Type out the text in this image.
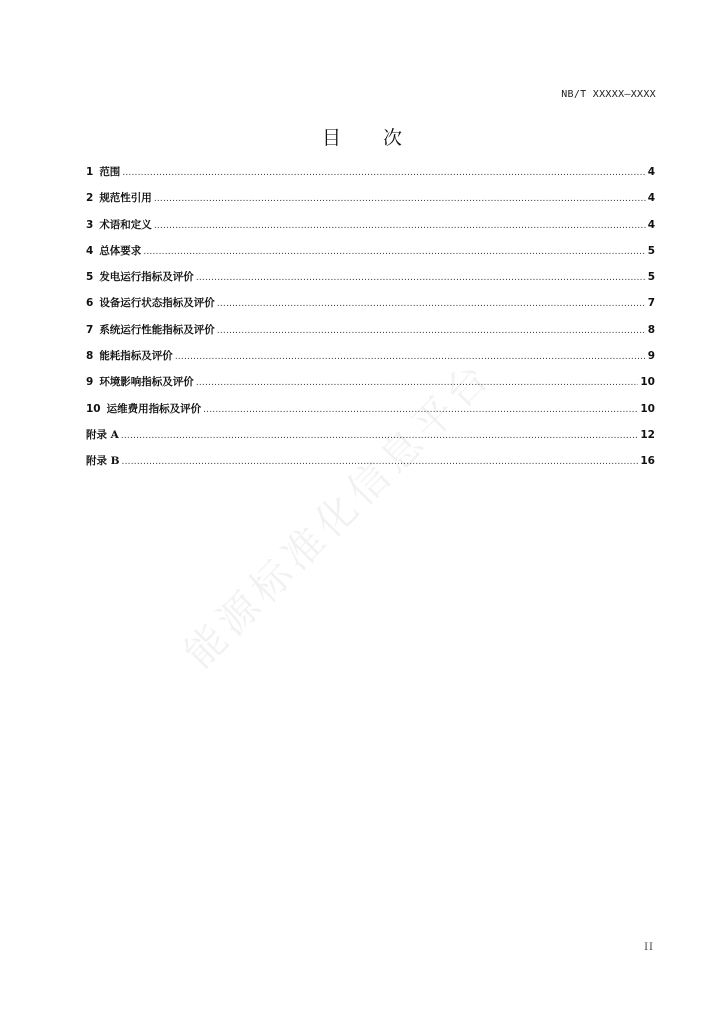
NB/T XXXXX—XXXX
目 次
1 范围 .....	4
2 规范性引用 .....	4
3 术语和定义 .....	4
4 总体要求 .....	5
5 发电运行指标及评价 .....	5
6 设备运行状态指标及评价 .....	7
7 系统运行性能指标及评价 .....	8
8 能耗指标及评价 .....	9
9 环境影响指标及评价 .....	10
10 运维费用指标及评价 .....	10
附录 A .....	12
附录 B .....	16
能源标准化信息平台
II
